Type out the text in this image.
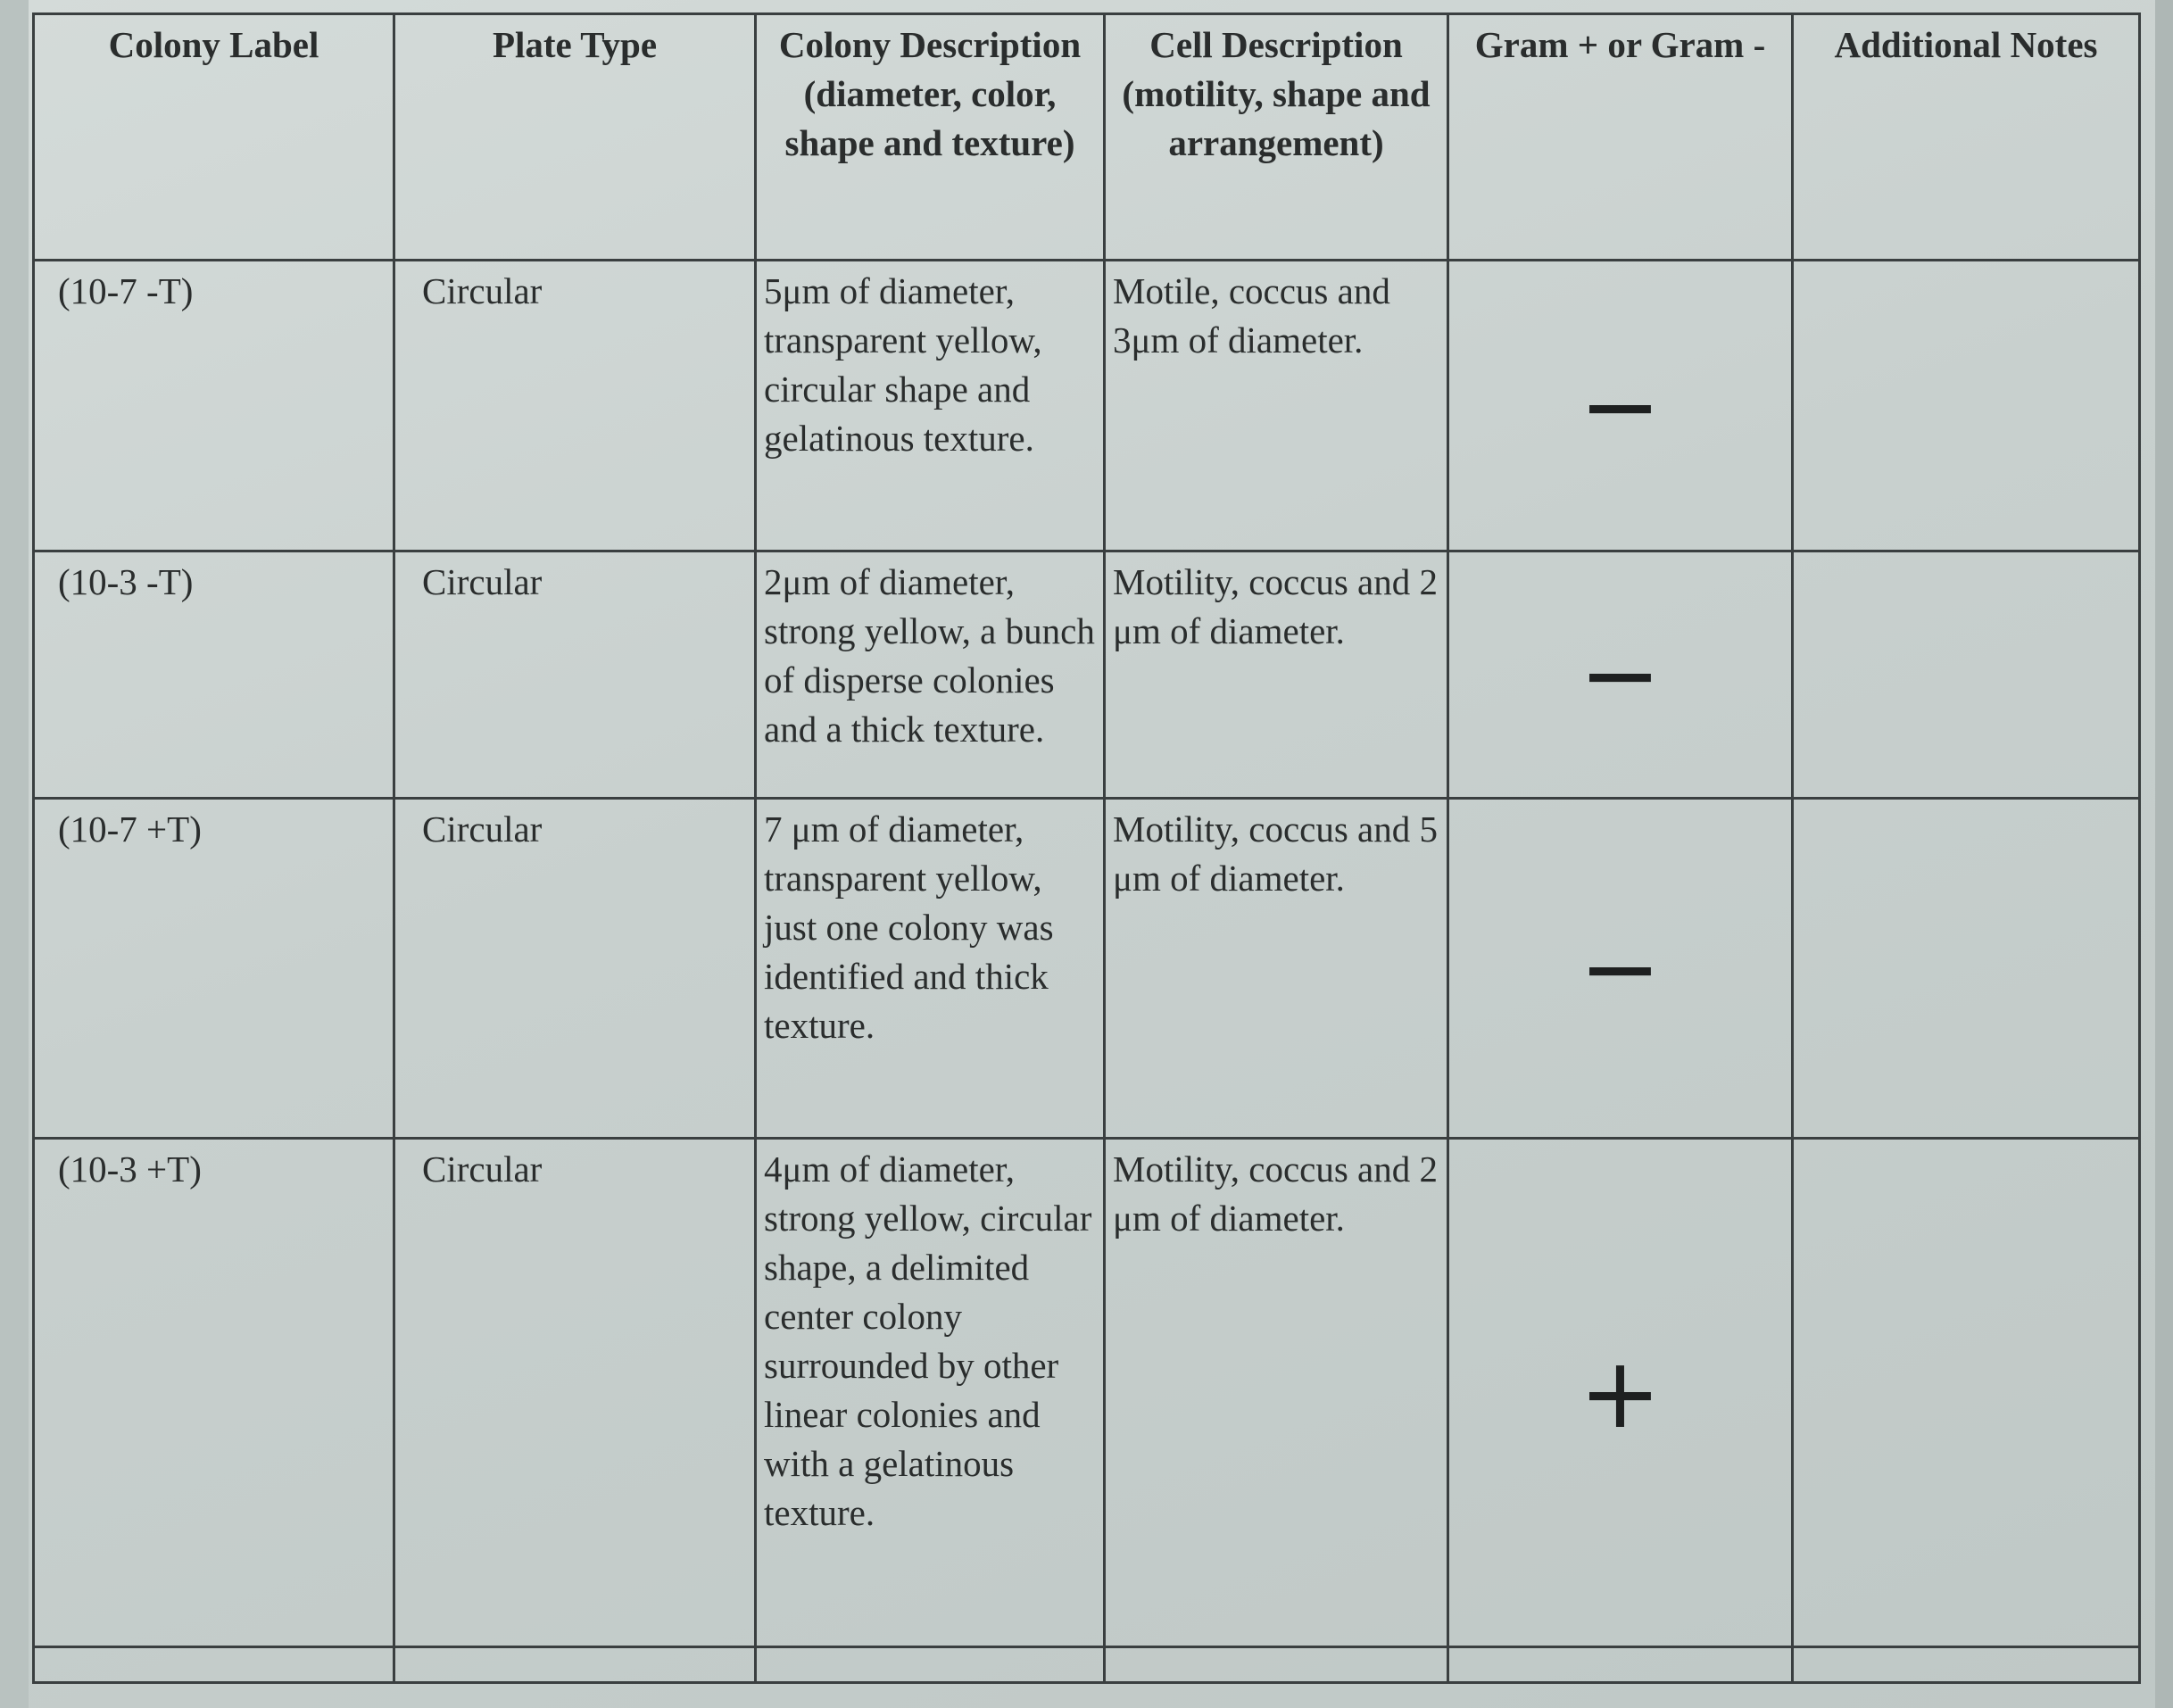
Colony Label	Plate Type	Colony Description (diameter, color, shape and texture)	Cell Description (motility, shape and arrangement)	Gram + or Gram -	Additional Notes
(10-7 -T)	Circular	5μm of diameter, transparent yellow, circular shape and gelatinous texture.	Motile, coccus and 3μm of diameter.	−	
(10-3 -T)	Circular	2μm of diameter, strong yellow, a bunch of disperse colonies and a thick texture.	Motility, coccus and 2 μm of diameter.	−	
(10-7 +T)	Circular	7 μm of diameter, transparent yellow, just one colony was identified and thick texture.	Motility, coccus and 5 μm of diameter.	−	
(10-3 +T)	Circular	4μm of diameter, strong yellow, circular shape, a delimited center colony surrounded by other linear colonies and with a gelatinous texture.	Motility, coccus and 2 μm of diameter.	+	
